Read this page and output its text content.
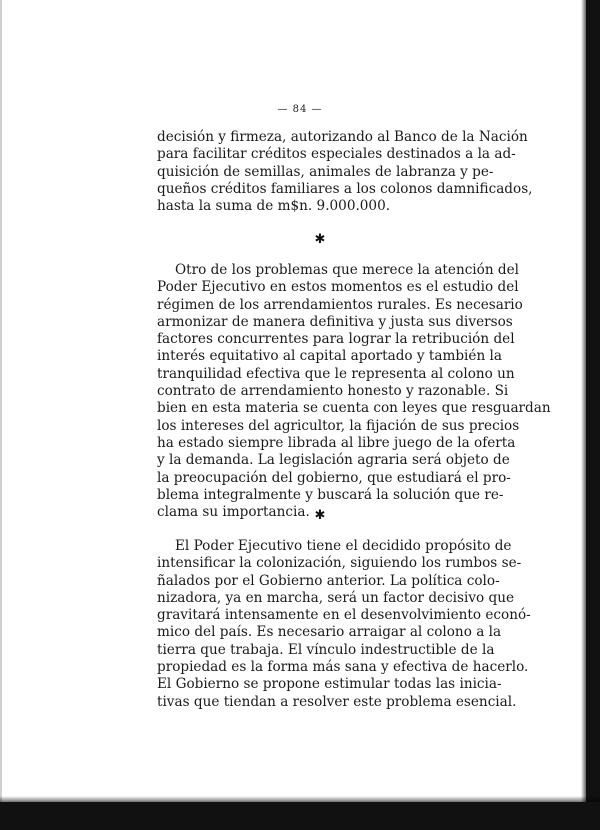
— 84 —
decisión y firmeza, autorizando al Banco de la Nación
para facilitar créditos especiales destinados a la ad-
quisición de semillas, animales de labranza y pe-
queños créditos familiares a los colonos damnificados,
hasta la suma de m$n. 9.000.000.
✱
Otro de los problemas que merece la atención del
Poder Ejecutivo en estos momentos es el estudio del
régimen de los arrendamientos rurales. Es necesario
armonizar de manera definitiva y justa sus diversos
factores concurrentes para lograr la retribución del
interés equitativo al capital aportado y también la
tranquilidad efectiva que le representa al colono un
contrato de arrendamiento honesto y razonable. Si
bien en esta materia se cuenta con leyes que resguardan
los intereses del agricultor, la fijación de sus precios
ha estado siempre librada al libre juego de la oferta
y la demanda. La legislación agraria será objeto de
la preocupación del gobierno, que estudiará el pro-
blema integralmente y buscará la solución que re-
clama su importancia. ✱
El Poder Ejecutivo tiene el decidido propósito de
intensificar la colonización, siguiendo los rumbos se-
ñalados por el Gobierno anterior. La política colo-
nizadora, ya en marcha, será un factor decisivo que
gravitará intensamente en el desenvolvimiento econó-
mico del país. Es necesario arraigar al colono a la
tierra que trabaja. El vínculo indestructible de la
propiedad es la forma más sana y efectiva de hacerlo.
El Gobierno se propone estimular todas las inicia-
tivas que tiendan a resolver este problema esencial.
